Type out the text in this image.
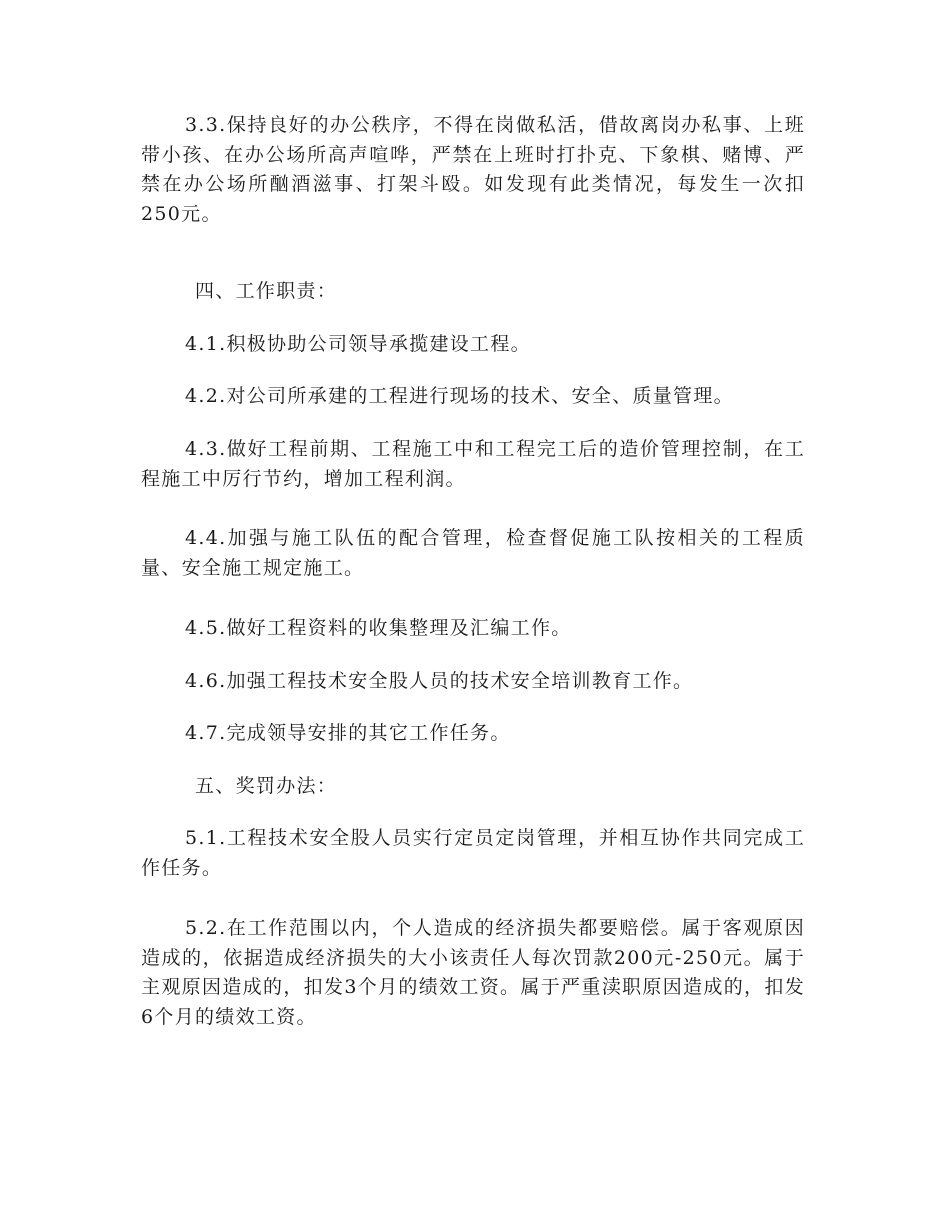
3.3.保持良好的办公秩序，不得在岗做私活，借故离岗办私事、上班带小孩、在办公场所高声喧哗，严禁在上班时打扑克、下象棋、赌博、严禁在办公场所酗酒滋事、打架斗殴。如发现有此类情况，每发生一次扣250元。

四、工作职责：

4.1.积极协助公司领导承揽建设工程。

4.2.对公司所承建的工程进行现场的技术、安全、质量管理。

4.3.做好工程前期、工程施工中和工程完工后的造价管理控制，在工程施工中厉行节约，增加工程利润。

4.4.加强与施工队伍的配合管理，检查督促施工队按相关的工程质量、安全施工规定施工。

4.5.做好工程资料的收集整理及汇编工作。

4.6.加强工程技术安全股人员的技术安全培训教育工作。

4.7.完成领导安排的其它工作任务。

五、奖罚办法：

5.1.工程技术安全股人员实行定员定岗管理，并相互协作共同完成工作任务。

5.2.在工作范围以内，个人造成的经济损失都要赔偿。属于客观原因造成的，依据造成经济损失的大小该责任人每次罚款200元-250元。属于主观原因造成的，扣发3个月的绩效工资。属于严重渎职原因造成的，扣发6个月的绩效工资。
